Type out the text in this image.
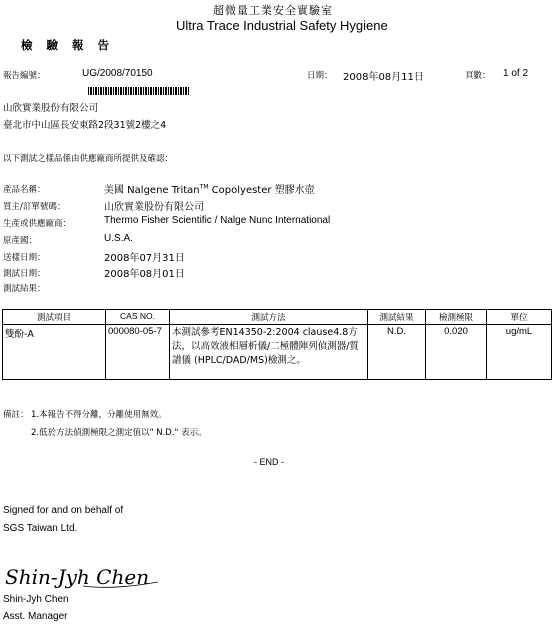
超微量工業安全實驗室
Ultra Trace Industrial Safety Hygiene
檢 驗 報 告
報告編號：	UG/2008/70150	日期： 2008年08月11日	頁數： 1 of 2
山欣實業股份有限公司
臺北市中山區長安東路2段31號2樓之4
以下測試之樣品係由供應廠商所提供及確認：
產品名稱：	美國 Nalgene Tritan™ Copolyester 塑膠水壺
買主/訂單號碼：	山欣實業股份有限公司
生產或供應廠商：	Thermo Fisher Scientific / Nalge Nunc International
原產國：	U.S.A.
送樣日期：	2008年07月31日
測試日期：	2008年08月01日
測試結果：
測試項目	CAS NO.	測試方法	測試結果	檢測極限	單位
雙酚-A	000080-05-7	本測試參考EN14350-2:2004 clause4.8方法，以高效液相層析儀/二極體陣列偵測器/質譜儀 (HPLC/DAD/MS)檢測之。	N.D.	0.020	ug/mL
備註： 1.本報告不得分離，分離使用無效。
2.低於方法偵測極限之測定值以" N.D." 表示。
- END -
Signed for and on behalf of
SGS Taiwan Ltd.
Shin-Jyh Chen
Shin-Jyh Chen
Asst. Manager
